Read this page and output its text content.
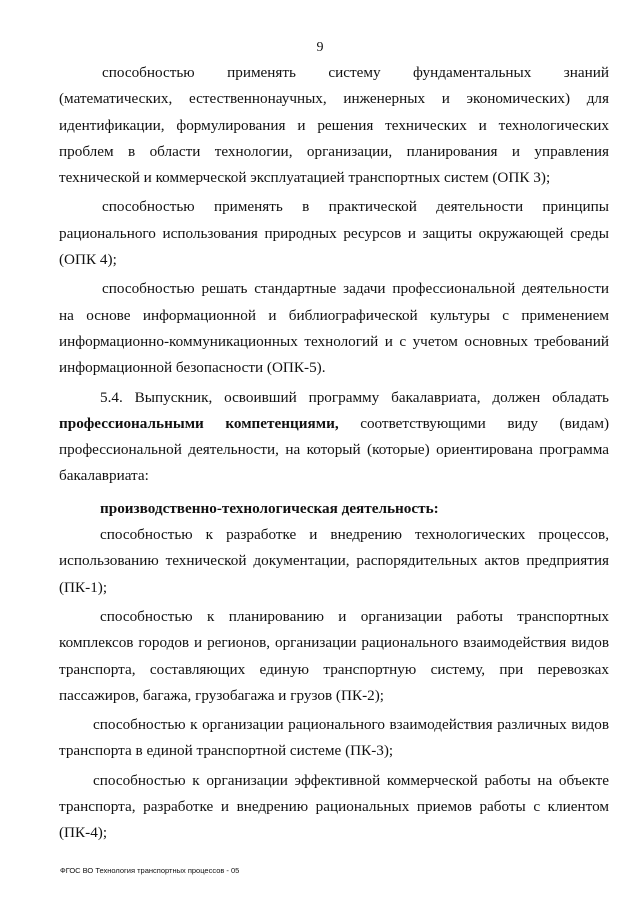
9

способностью применять систему фундаментальных знаний (математических, естественнонаучных, инженерных и экономических) для идентификации, формулирования и решения технических и технологических проблем в области технологии, организации, планирования и управления технической и коммерческой эксплуатацией транспортных систем (ОПК 3);

способностью применять в практической деятельности принципы рационального использования природных ресурсов и защиты окружающей среды (ОПК 4);

способностью решать стандартные задачи профессиональной деятельности на основе информационной и библиографической культуры с применением информационно-коммуникационных технологий и с учетом основных требований информационной безопасности (ОПК-5).

5.4. Выпускник, освоивший программу бакалавриата, должен обладать профессиональными компетенциями, соответствующими виду (видам) профессиональной деятельности, на который (которые) ориентирована программа бакалавриата:

производственно-технологическая деятельность:

способностью к разработке и внедрению технологических процессов, использованию технической документации, распорядительных актов предприятия (ПК-1);

способностью к планированию и организации работы транспортных комплексов городов и регионов, организации рационального взаимодействия видов транспорта, составляющих единую транспортную систему, при перевозках пассажиров, багажа, грузобагажа и грузов (ПК-2);

способностью к организации рационального взаимодействия различных видов транспорта в единой транспортной системе (ПК-3);

способностью к организации эффективной коммерческой работы на объекте транспорта, разработке и внедрению рациональных приемов работы с клиентом (ПК-4);

ФГОС ВО Технология транспортных процессов - 05
